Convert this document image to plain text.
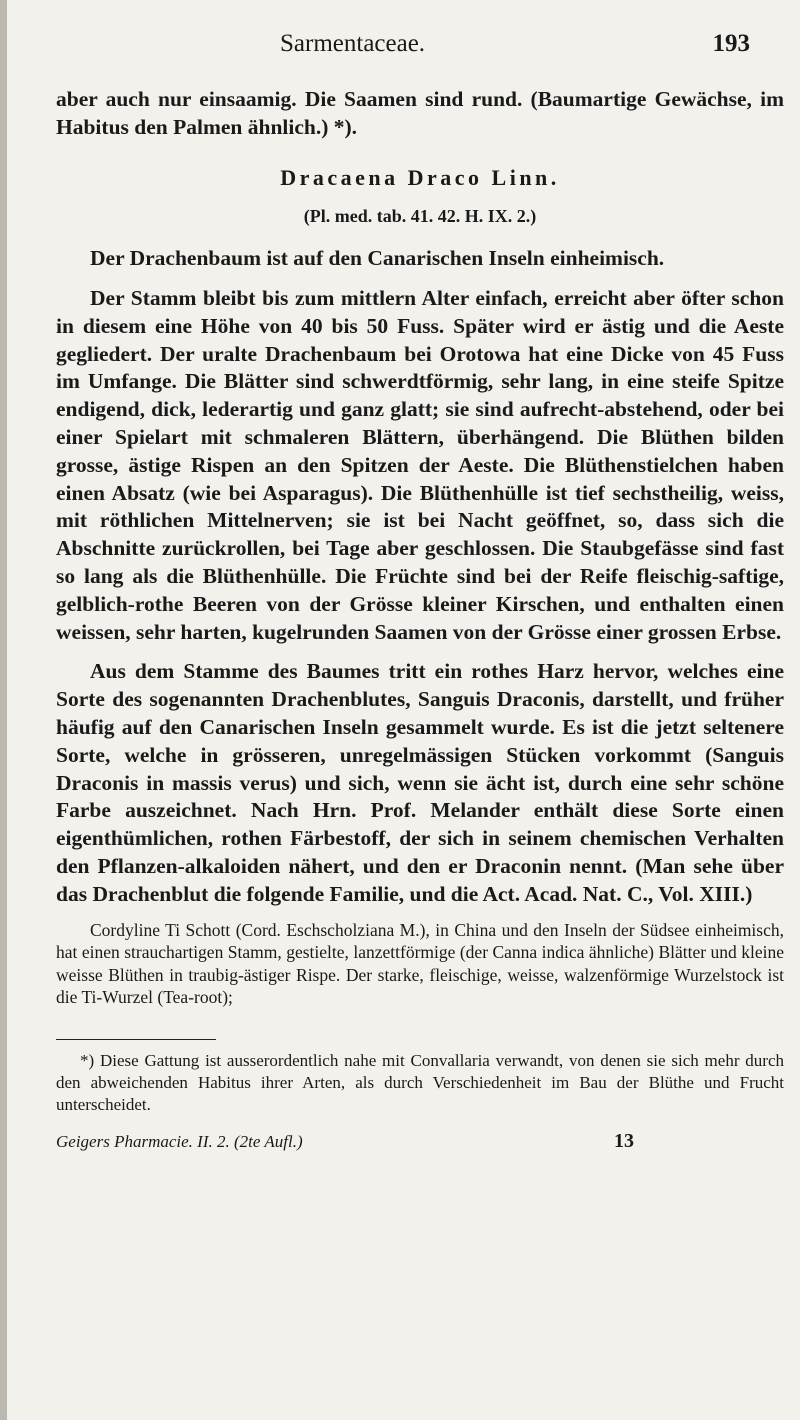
Sarmentaceae.	193

aber auch nur einsaamig. Die Saamen sind rund. (Baumartige Gewächse, im Habitus den Palmen ähnlich.) *).

Dracaena Draco Linn.

(Pl. med. tab. 41. 42. H. IX. 2.)

Der Drachenbaum ist auf den Canarischen Inseln einheimisch.

Der Stamm bleibt bis zum mittlern Alter einfach, erreicht aber öfter schon in diesem eine Höhe von 40 bis 50 Fuss. Später wird er ästig und die Aeste gegliedert. Der uralte Drachenbaum bei Orotowa hat eine Dicke von 45 Fuss im Umfange. Die Blätter sind schwerdtförmig, sehr lang, in eine steife Spitze endigend, dick, lederartig und ganz glatt; sie sind aufrecht-abstehend, oder bei einer Spielart mit schmaleren Blättern, überhängend. Die Blüthen bilden grosse, ästige Rispen an den Spitzen der Aeste. Die Blüthenstielchen haben einen Absatz (wie bei Asparagus). Die Blüthenhülle ist tief sechstheilig, weiss, mit röthlichen Mittelnerven; sie ist bei Nacht geöffnet, so, dass sich die Abschnitte zurückrollen, bei Tage aber geschlossen. Die Staubgefässe sind fast so lang als die Blüthenhülle. Die Früchte sind bei der Reife fleischig-saftige, gelblich-rothe Beeren von der Grösse kleiner Kirschen, und enthalten einen weissen, sehr harten, kugelrunden Saamen von der Grösse einer grossen Erbse.

Aus dem Stamme des Baumes tritt ein rothes Harz hervor, welches eine Sorte des sogenannten Drachenblutes, Sanguis Draconis, darstellt, und früher häufig auf den Canarischen Inseln gesammelt wurde. Es ist die jetzt seltenere Sorte, welche in grösseren, unregelmässigen Stücken vorkommt (Sanguis Draconis in massis verus) und sich, wenn sie ächt ist, durch eine sehr schöne Farbe auszeichnet. Nach Hrn. Prof. Melander enthält diese Sorte einen eigenthümlichen, rothen Färbestoff, der sich in seinem chemischen Verhalten den Pflanzen-alkaloiden nähert, und den er Draconin nennt. (Man sehe über das Drachenblut die folgende Familie, und die Act. Acad. Nat. C., Vol. XIII.)

Cordyline Ti Schott (Cord. Eschscholziana M.), in China und den Inseln der Südsee einheimisch, hat einen strauchartigen Stamm, gestielte, lanzettförmige (der Canna indica ähnliche) Blätter und kleine weisse Blüthen in traubig-ästiger Rispe. Der starke, fleischige, weisse, walzenförmige Wurzelstock ist die Ti-Wurzel (Tea-root);

*) Diese Gattung ist ausserordentlich nahe mit Convallaria verwandt, von denen sie sich mehr durch den abweichenden Habitus ihrer Arten, als durch Verschiedenheit im Bau der Blüthe und Frucht unterscheidet.

Geigers Pharmacie. II. 2. (2te Aufl.)	13
